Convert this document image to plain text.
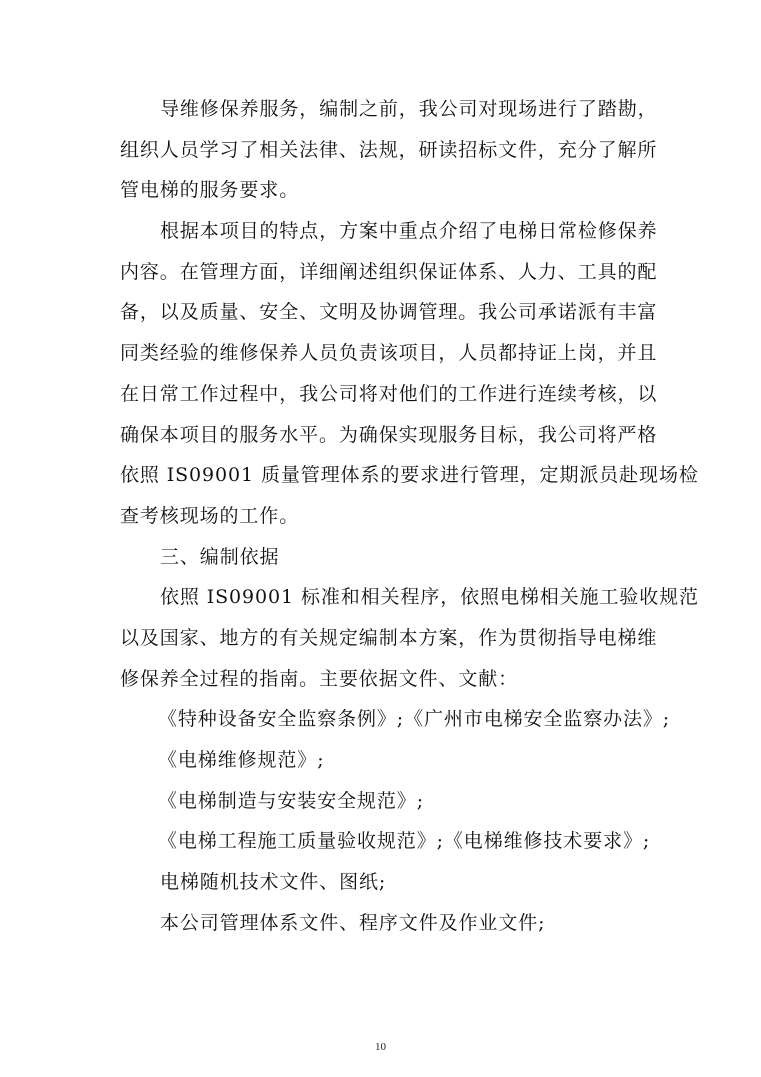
导维修保养服务，编制之前，我公司对现场进行了踏勘，
组织人员学习了相关法律、法规，研读招标文件，充分了解所
管电梯的服务要求。
根据本项目的特点，方案中重点介绍了电梯日常检修保养
内容。在管理方面，详细阐述组织保证体系、人力、工具的配
备，以及质量、安全、文明及协调管理。我公司承诺派有丰富
同类经验的维修保养人员负责该项目，人员都持证上岗，并且
在日常工作过程中，我公司将对他们的工作进行连续考核，以
确保本项目的服务水平。为确保实现服务目标，我公司将严格
依照 IS09001 质量管理体系的要求进行管理，定期派员赴现场检
查考核现场的工作。
三、编制依据
依照 IS09001 标准和相关程序，依照电梯相关施工验收规范
以及国家、地方的有关规定编制本方案，作为贯彻指导电梯维
修保养全过程的指南。主要依据文件、文献：
《特种设备安全监察条例》;《广州市电梯安全监察办法》;
《电梯维修规范》;
《电梯制造与安装安全规范》;
《电梯工程施工质量验收规范》;《电梯维修技术要求》;
电梯随机技术文件、图纸;
本公司管理体系文件、程序文件及作业文件;
10
